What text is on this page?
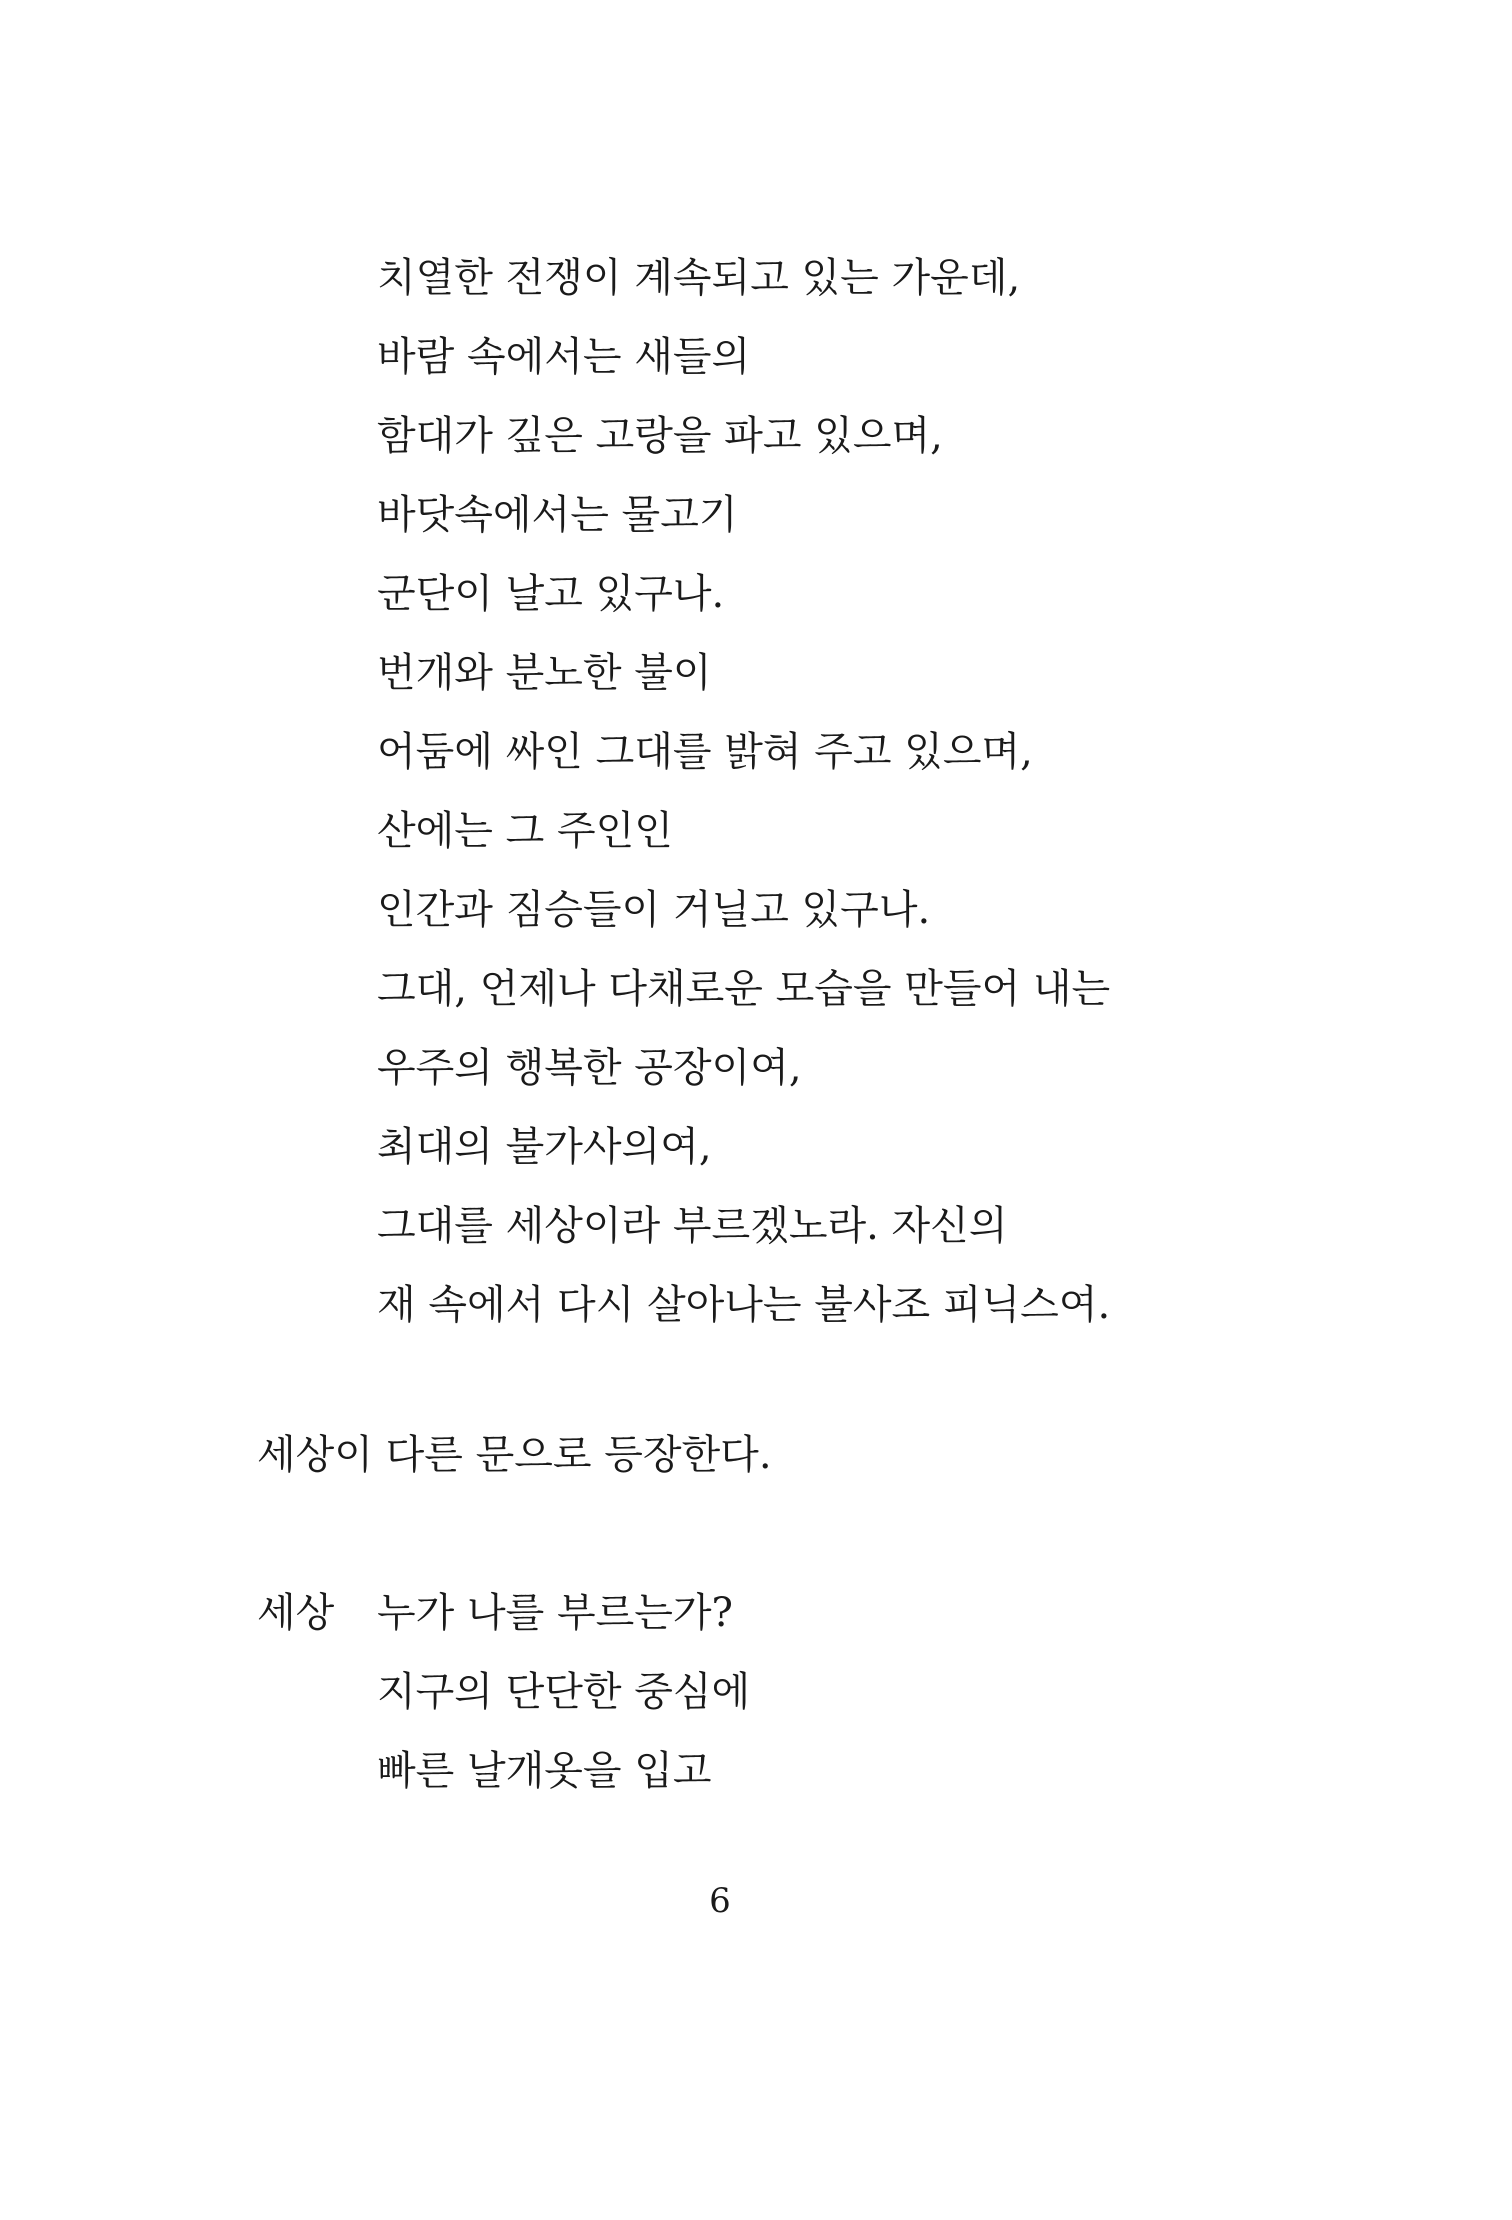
치열한 전쟁이 계속되고 있는 가운데,
바람 속에서는 새들의
함대가 깊은 고랑을 파고 있으며,
바닷속에서는 물고기
군단이 날고 있구나.
번개와 분노한 불이
어둠에 싸인 그대를 밝혀 주고 있으며,
산에는 그 주인인
인간과 짐승들이 거닐고 있구나.
그대, 언제나 다채로운 모습을 만들어 내는
우주의 행복한 공장이여,
최대의 불가사의여,
그대를 세상이라 부르겠노라. 자신의
재 속에서 다시 살아나는 불사조 피닉스여.
세상이 다른 문으로 등장한다.
세상 누가 나를 부르는가?
지구의 단단한 중심에
빠른 날개옷을 입고
6
